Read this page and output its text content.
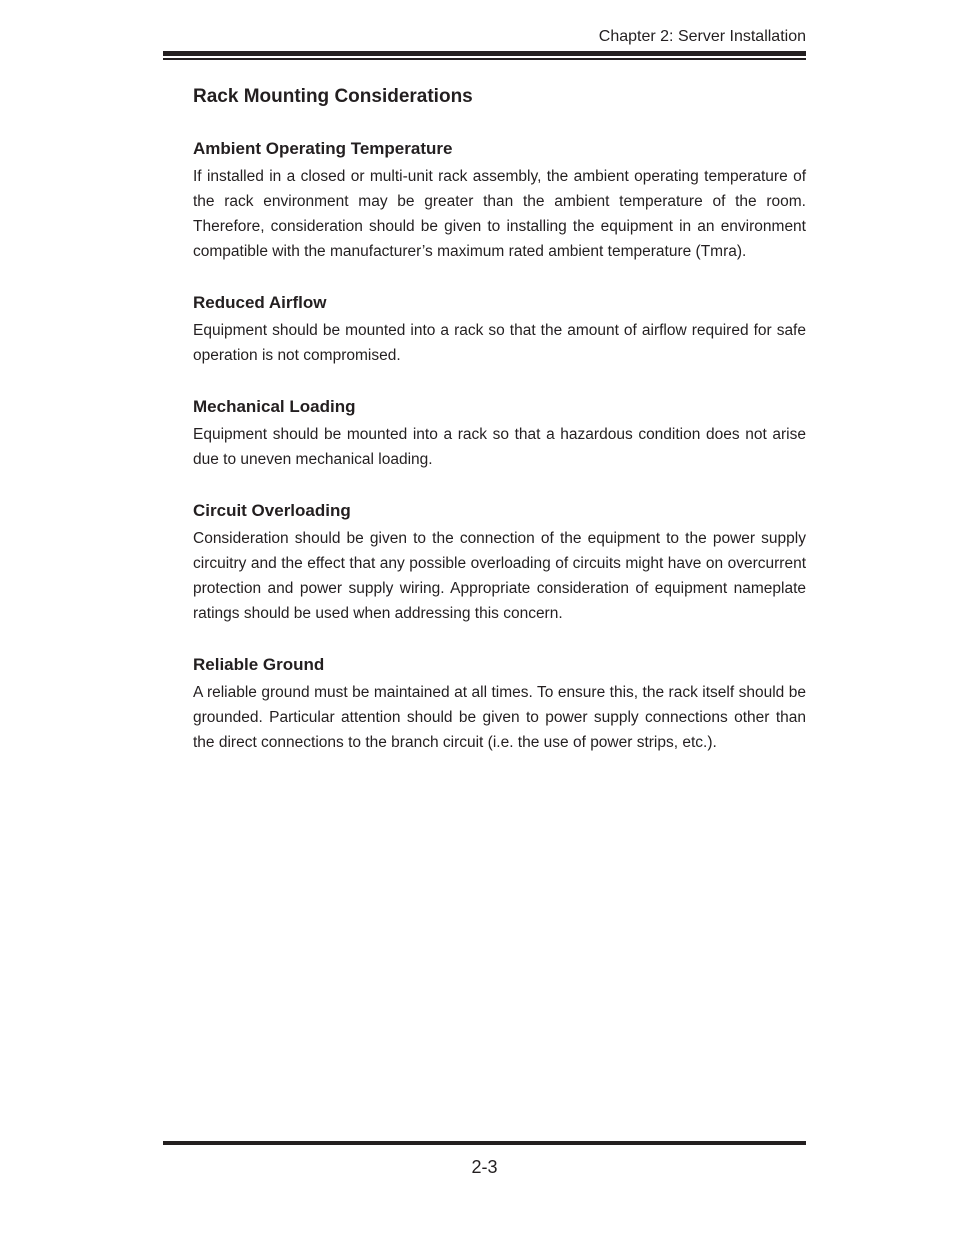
Chapter 2: Server Installation
Rack Mounting Considerations
Ambient Operating Temperature

If installed in a closed or multi-unit rack assembly, the ambient operating temperature of the rack environment may be greater than the ambient temperature of the room. Therefore, consideration should be given to installing the equipment in an environment compatible with the manufacturer’s maximum rated ambient temperature (Tmra).

Reduced Airflow

Equipment should be mounted into a rack so that the amount of airflow required for safe operation is not compromised.

Mechanical Loading

Equipment should be mounted into a rack so that a hazardous condition does not arise due to uneven mechanical loading.

Circuit Overloading

Consideration should be given to the connection of the equipment to the power supply circuitry and the effect that any possible overloading of circuits might have on overcurrent protection and power supply wiring. Appropriate consideration of equipment nameplate ratings should be used when addressing this concern.

Reliable Ground

A reliable ground must be maintained at all times. To ensure this, the rack itself should be grounded. Particular attention should be given to power supply connections other than the direct connections to the branch circuit (i.e. the use of power strips, etc.).

2-3
